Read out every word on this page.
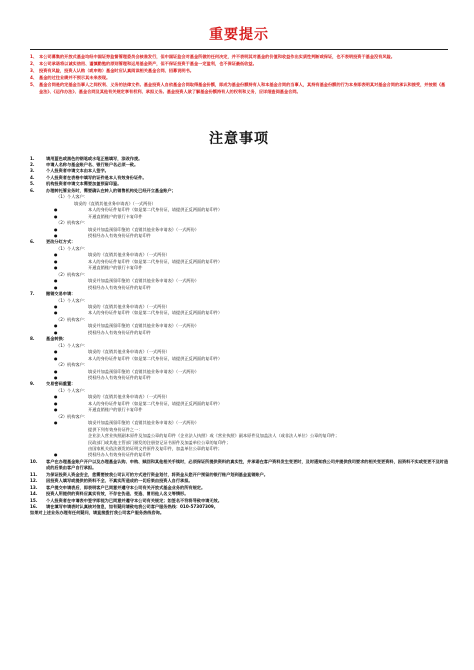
重要提示
1、 本公司募集的开放式基金均经中国证券监督管理委员会核准发行，但中国证监会对基金所做的任何决定，并不表明其对基金的价值和收益作出实质性判断或保证，也不表明投资于基金没有风险。
2、 本公司承诺将以诚实信用、谨慎勤勉的原则管理和运用基金资产，但不保证投资于基金一定盈利，也不保证最低收益。
3、 投资有风险，投资人认购（或申购）基金时应认真阅读相关基金合同、招募说明书。
4、 基金的过往业绩并不预示其未来表现。
5、 基金合同是约定基金当事人之间权利、义务的法律文件。基金投资人自依基金合同取得基金份额，即成为基金份额持有人和本基金合同的当事人，其持有基金份额的行为本身即表明其对基金合同的承认和接受，并按照《基金法》、《运作办法》、基金合同及其他有关规定享有权利、承担义务。基金投资人欲了解基金份额持有人的权利和义务，应详细查阅基金合同。
注意事项
1.	请用蓝色或黑色的钢笔或水笔正楷填写，涂改作废。
2.	申请人名称与基金账户名、银行账户名必须一致。
3.	个人投资者申请文本由本人签字。
4.	个人投资者在表格中填写的证件是本人有效身份证件。
5.	机构投资者申请文本需要加盖预留印鉴。
6.	办理转托管业务时，需要确认在转入的销售机构处已经开立基金账户；
（1）个人客户：
填妥的《直销其他业务申请表》（一式两份）
●
本人的身份证件复印件（如是第二代身份证，请提供正反两面的复印件）
●
开通直销账户的银行卡复印件
（2）机构客户：
●
填妥并加盖预留印鉴的《直销其他业务申请表》（一式两份）
●
授权经办人有效身份证件的复印件
6.	更改分红方式：
（1）个人客户：
●
填妥的《直销其他业务申请表》（一式两份）
●
本人的身份证件复印件（如是第二代身份证，请提供正反两面的复印件）
●
开通直销账户的银行卡复印件
（2）机构客户：
●
填妥并加盖预留印鉴的《直销其他业务申请表》（一式两份）
●
授权经办人有效身份证件的复印件
7.	撤销交易申请：
（1）个人客户：
●
填妥的《直销其他业务申请表》（一式两份）
●
本人的身份证件复印件（如是第二代身份证，请提供正反两面的复印件）
（2）机构客户：
●
填妥并加盖预留印鉴的《直销其他业务申请表》（一式两份）
●
授权经办人有效身份证件的复印件
8.	基金转换：
（1）个人客户：
●
填妥的《直销其他业务申请表》（一式两份）
●
本人的身份证件复印件（如是第二代身份证，请提供正反两面的复印件）
（2）机构客户：
●
填妥并加盖预留印鉴的《直销其他业务申请表》（一式两份）
●
授权经办人有效身份证件的复印件
9.	交易密码重置：
（1）个人客户：
●
填妥的《直销其他业务申请表》（一式两份）
●
本人的身份证件复印件（如是第二代身份证，请提供正反两面的复印件）
●
开通直销账户的银行卡复印件
（2）机构客户：
●
填妥并加盖预留印鉴的《直销其他业务申请表》（一式两份）
提供下列有效身份证件之一：
企业法人营业执照副本原件及加盖公章的复印件《企业法人执照》或《营业执照》副本原件及加盖法人（或非法人单位）公章的复印件；
民政部门或其他主管部门颁发的注册登记证书原件及加盖单位公章的复印件；
由国家机关依法颁发的证明文件原件及复印件，加盖单位公章的复印件；
●
授权经办人有效身份证件的复印件
10.	客户在办理基金账户开户以及办理基金认购、申购、赎回和其他相关手续时，必须保证所提供资料的真实性，并承诺在客户资料发生变更时，及时通知我公司并提供我司要求的相关变更资料，因资料不实或变更不及时造成的后果由客户自行承担。
11.	为保证投资人资金安全，您需要按我公司认可的方式进行资金划付，将资金从您开户预留的银行账户划到基金直销账户。
12.	因投资人填写或提供的资料不全、不真实所造成的一切后果由投资人自行承担。
13.	客户提交申请表后，即表明客户已同意并遵守本公司有关开放式基金业务的所有规定。
14.	投资人所提供的资料应真实有效，不存在伪造、变造、冒用他人名义等情形。
15.	个人投资者在申请表中签字即视为已同意并遵守本公司有关规定；如签名不符将导致申请无效。
16.	请在填写申请表时认真核对信息，如有疑问请致电我公司客户服务热线：010-57307309。
如果对上述业务办理有任何疑问，请直接拨打我公司客户服务热线咨询。
